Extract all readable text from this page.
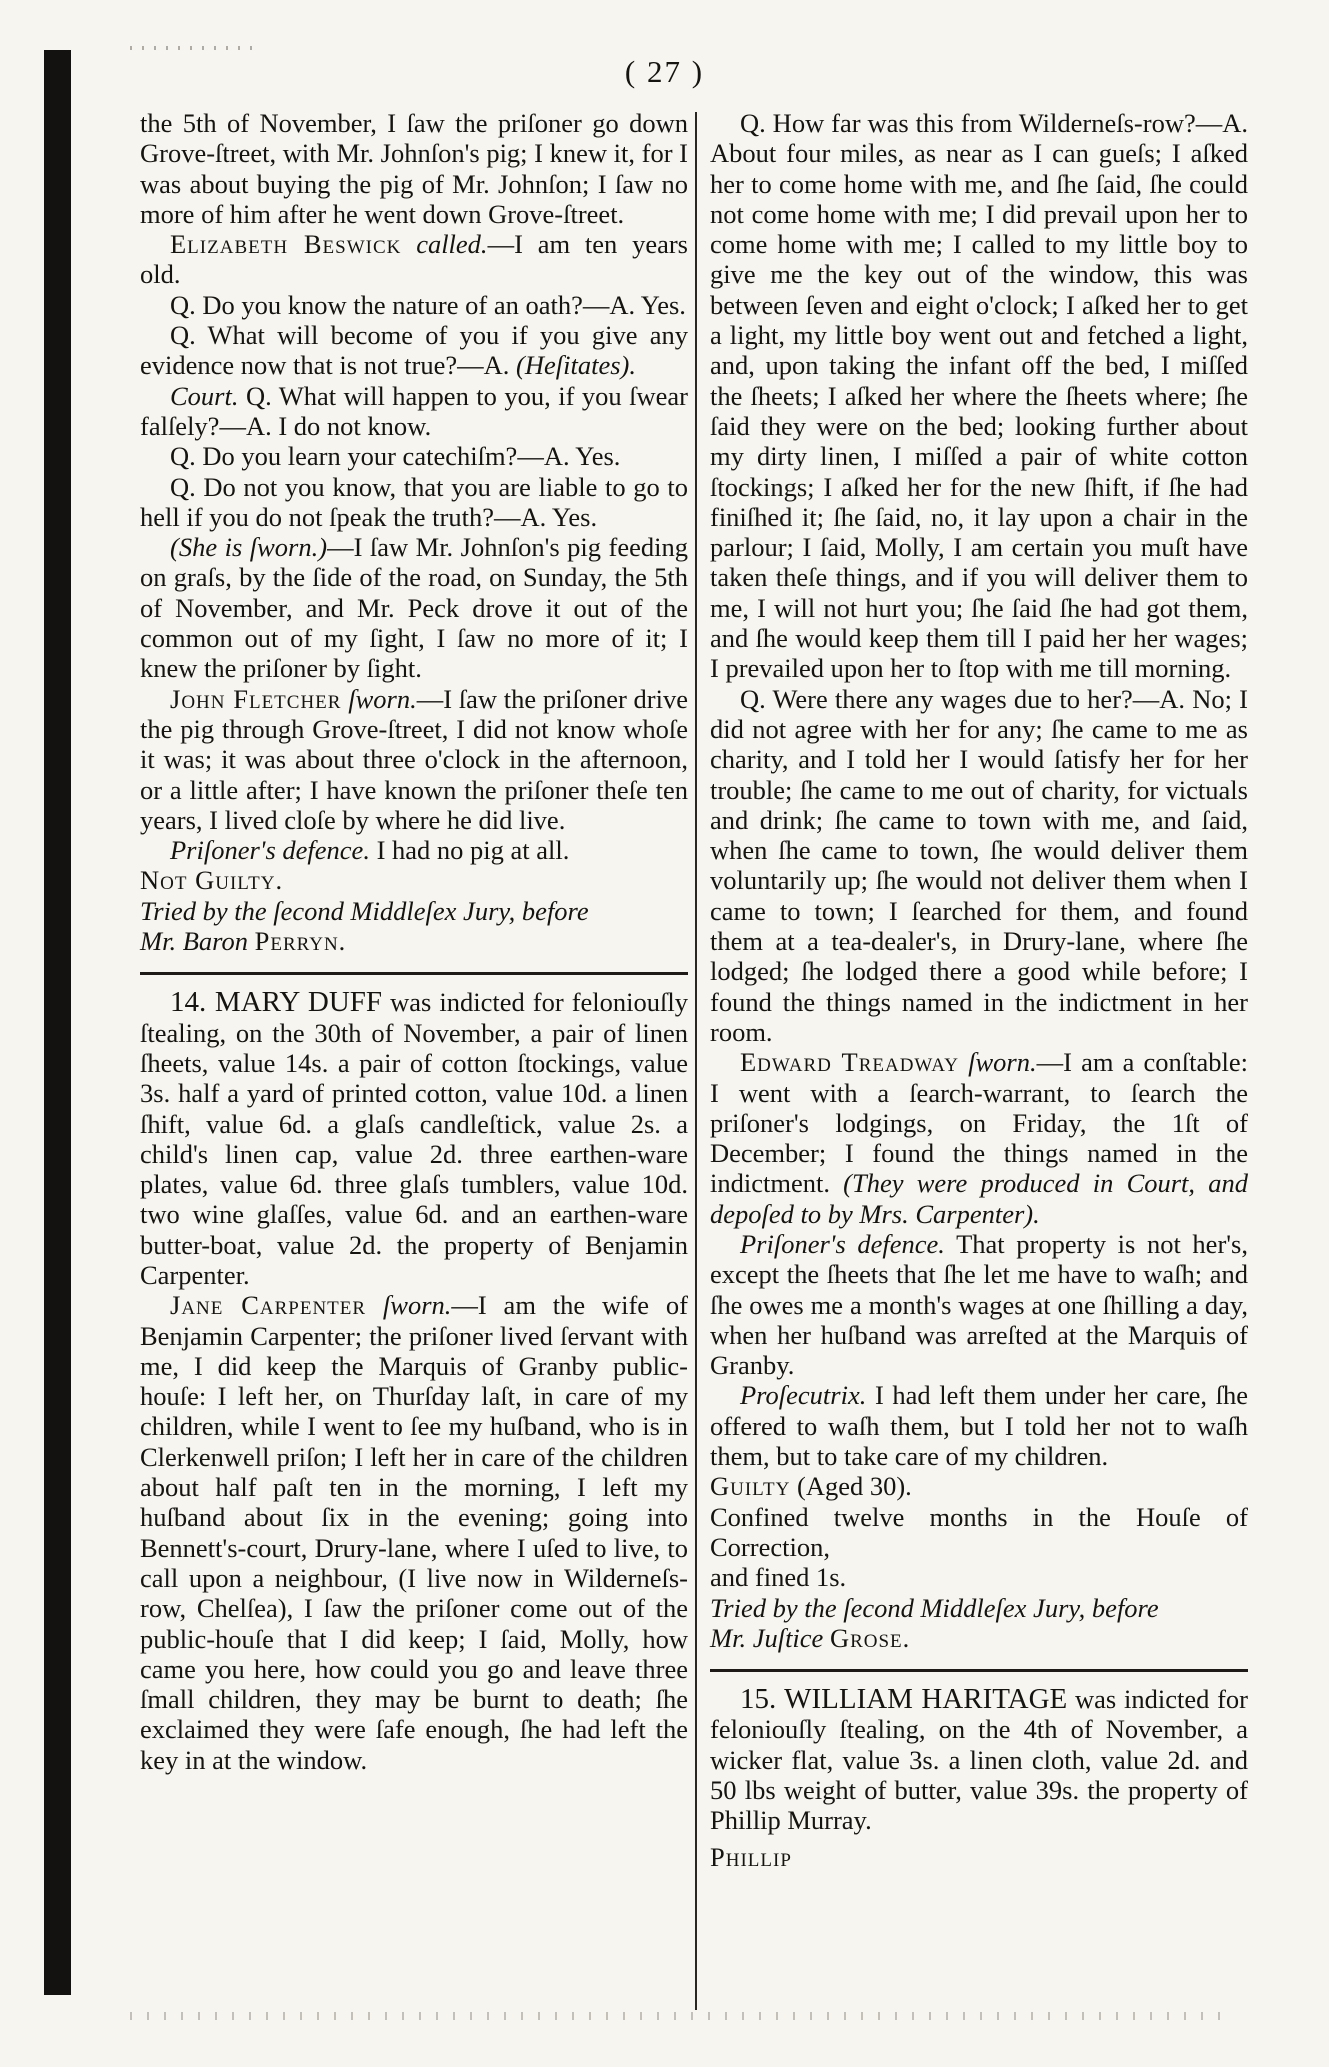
( 27 )

the 5th of November, I ſaw the priſoner go down Grove-ſtreet, with Mr. Johnſon's pig; I knew it, for I was about buying the pig of Mr. Johnſon; I ſaw no more of him after he went down Grove-ſtreet.

Elizabeth Beswick called.—I am ten years old.

Q. Do you know the nature of an oath?—A. Yes.

Q. What will become of you if you give any evidence now that is not true?—A. (Heſitates).

Court. Q. What will happen to you, if you ſwear falſely?—A. I do not know.

Q. Do you learn your catechiſm?—A. Yes.

Q. Do not you know, that you are liable to go to hell if you do not ſpeak the truth?—A. Yes.

(She is ſworn.)—I ſaw Mr. Johnſon's pig feeding on graſs, by the ſide of the road, on Sunday, the 5th of November, and Mr. Peck drove it out of the common out of my ſight, I ſaw no more of it; I knew the priſoner by ſight.

John Fletcher ſworn.—I ſaw the priſoner drive the pig through Grove-ſtreet, I did not know whoſe it was; it was about three o'clock in the afternoon, or a little after; I have known the priſoner theſe ten years, I lived cloſe by where he did live.

Priſoner's defence. I had no pig at all.

Not Guilty.

Tried by the ſecond Middleſex Jury, before

Mr. Baron Perryn.

14. MARY DUFF was indicted for feloniouſly ſtealing, on the 30th of November, a pair of linen ſheets, value 14s. a pair of cotton ſtockings, value 3s. half a yard of printed cotton, value 10d. a linen ſhift, value 6d. a glaſs candleſtick, value 2s. a child's linen cap, value 2d. three earthen-ware plates, value 6d. three glaſs tumblers, value 10d. two wine glaſſes, value 6d. and an earthen-ware butter-boat, value 2d. the property of Benjamin Carpenter.

Jane Carpenter ſworn.—I am the wife of Benjamin Carpenter; the priſoner lived ſervant with me, I did keep the Marquis of Granby public-houſe: I left her, on Thurſday laſt, in care of my children, while I went to ſee my huſband, who is in Clerkenwell priſon; I left her in care of the children about half paſt ten in the morning, I left my huſband about ſix in the evening; going into Bennett's-court, Drury-lane, where I uſed to live, to call upon a neighbour, (I live now in Wilderneſs-row, Chelſea), I ſaw the priſoner come out of the public-houſe that I did keep; I ſaid, Molly, how came you here, how could you go and leave three ſmall children, they may be burnt to death; ſhe exclaimed they were ſafe enough, ſhe had left the key in at the window.

Q. How far was this from Wilderneſs-row?—A. About four miles, as near as I can gueſs; I aſked her to come home with me, and ſhe ſaid, ſhe could not come home with me; I did prevail upon her to come home with me; I called to my little boy to give me the key out of the window, this was between ſeven and eight o'clock; I aſked her to get a light, my little boy went out and fetched a light, and, upon taking the infant off the bed, I miſſed the ſheets; I aſked her where the ſheets where; ſhe ſaid they were on the bed; looking further about my dirty linen, I miſſed a pair of white cotton ſtockings; I aſked her for the new ſhift, if ſhe had finiſhed it; ſhe ſaid, no, it lay upon a chair in the parlour; I ſaid, Molly, I am certain you muſt have taken theſe things, and if you will deliver them to me, I will not hurt you; ſhe ſaid ſhe had got them, and ſhe would keep them till I paid her her wages; I prevailed upon her to ſtop with me till morning.

Q. Were there any wages due to her?—A. No; I did not agree with her for any; ſhe came to me as charity, and I told her I would ſatisfy her for her trouble; ſhe came to me out of charity, for victuals and drink; ſhe came to town with me, and ſaid, when ſhe came to town, ſhe would deliver them voluntarily up; ſhe would not deliver them when I came to town; I ſearched for them, and found them at a tea-dealer's, in Drury-lane, where ſhe lodged; ſhe lodged there a good while before; I found the things named in the indictment in her room.

Edward Treadway ſworn.—I am a conſtable: I went with a ſearch-warrant, to ſearch the priſoner's lodgings, on Friday, the 1ſt of December; I found the things named in the indictment. (They were produced in Court, and depoſed to by Mrs. Carpenter).

Priſoner's defence. That property is not her's, except the ſheets that ſhe let me have to waſh; and ſhe owes me a month's wages at one ſhilling a day, when her huſband was arreſted at the Marquis of Granby.

Proſecutrix. I had left them under her care, ſhe offered to waſh them, but I told her not to waſh them, but to take care of my children.

Guilty (Aged 30).

Confined twelve months in the Houſe of Correction,

and fined 1s.

Tried by the ſecond Middleſex Jury, before

Mr. Juſtice Grose.

15. WILLIAM HARITAGE was indicted for feloniouſly ſtealing, on the 4th of November, a wicker flat, value 3s. a linen cloth, value 2d. and 50 lbs weight of butter, value 39s. the property of Phillip Murray.

Phillip
